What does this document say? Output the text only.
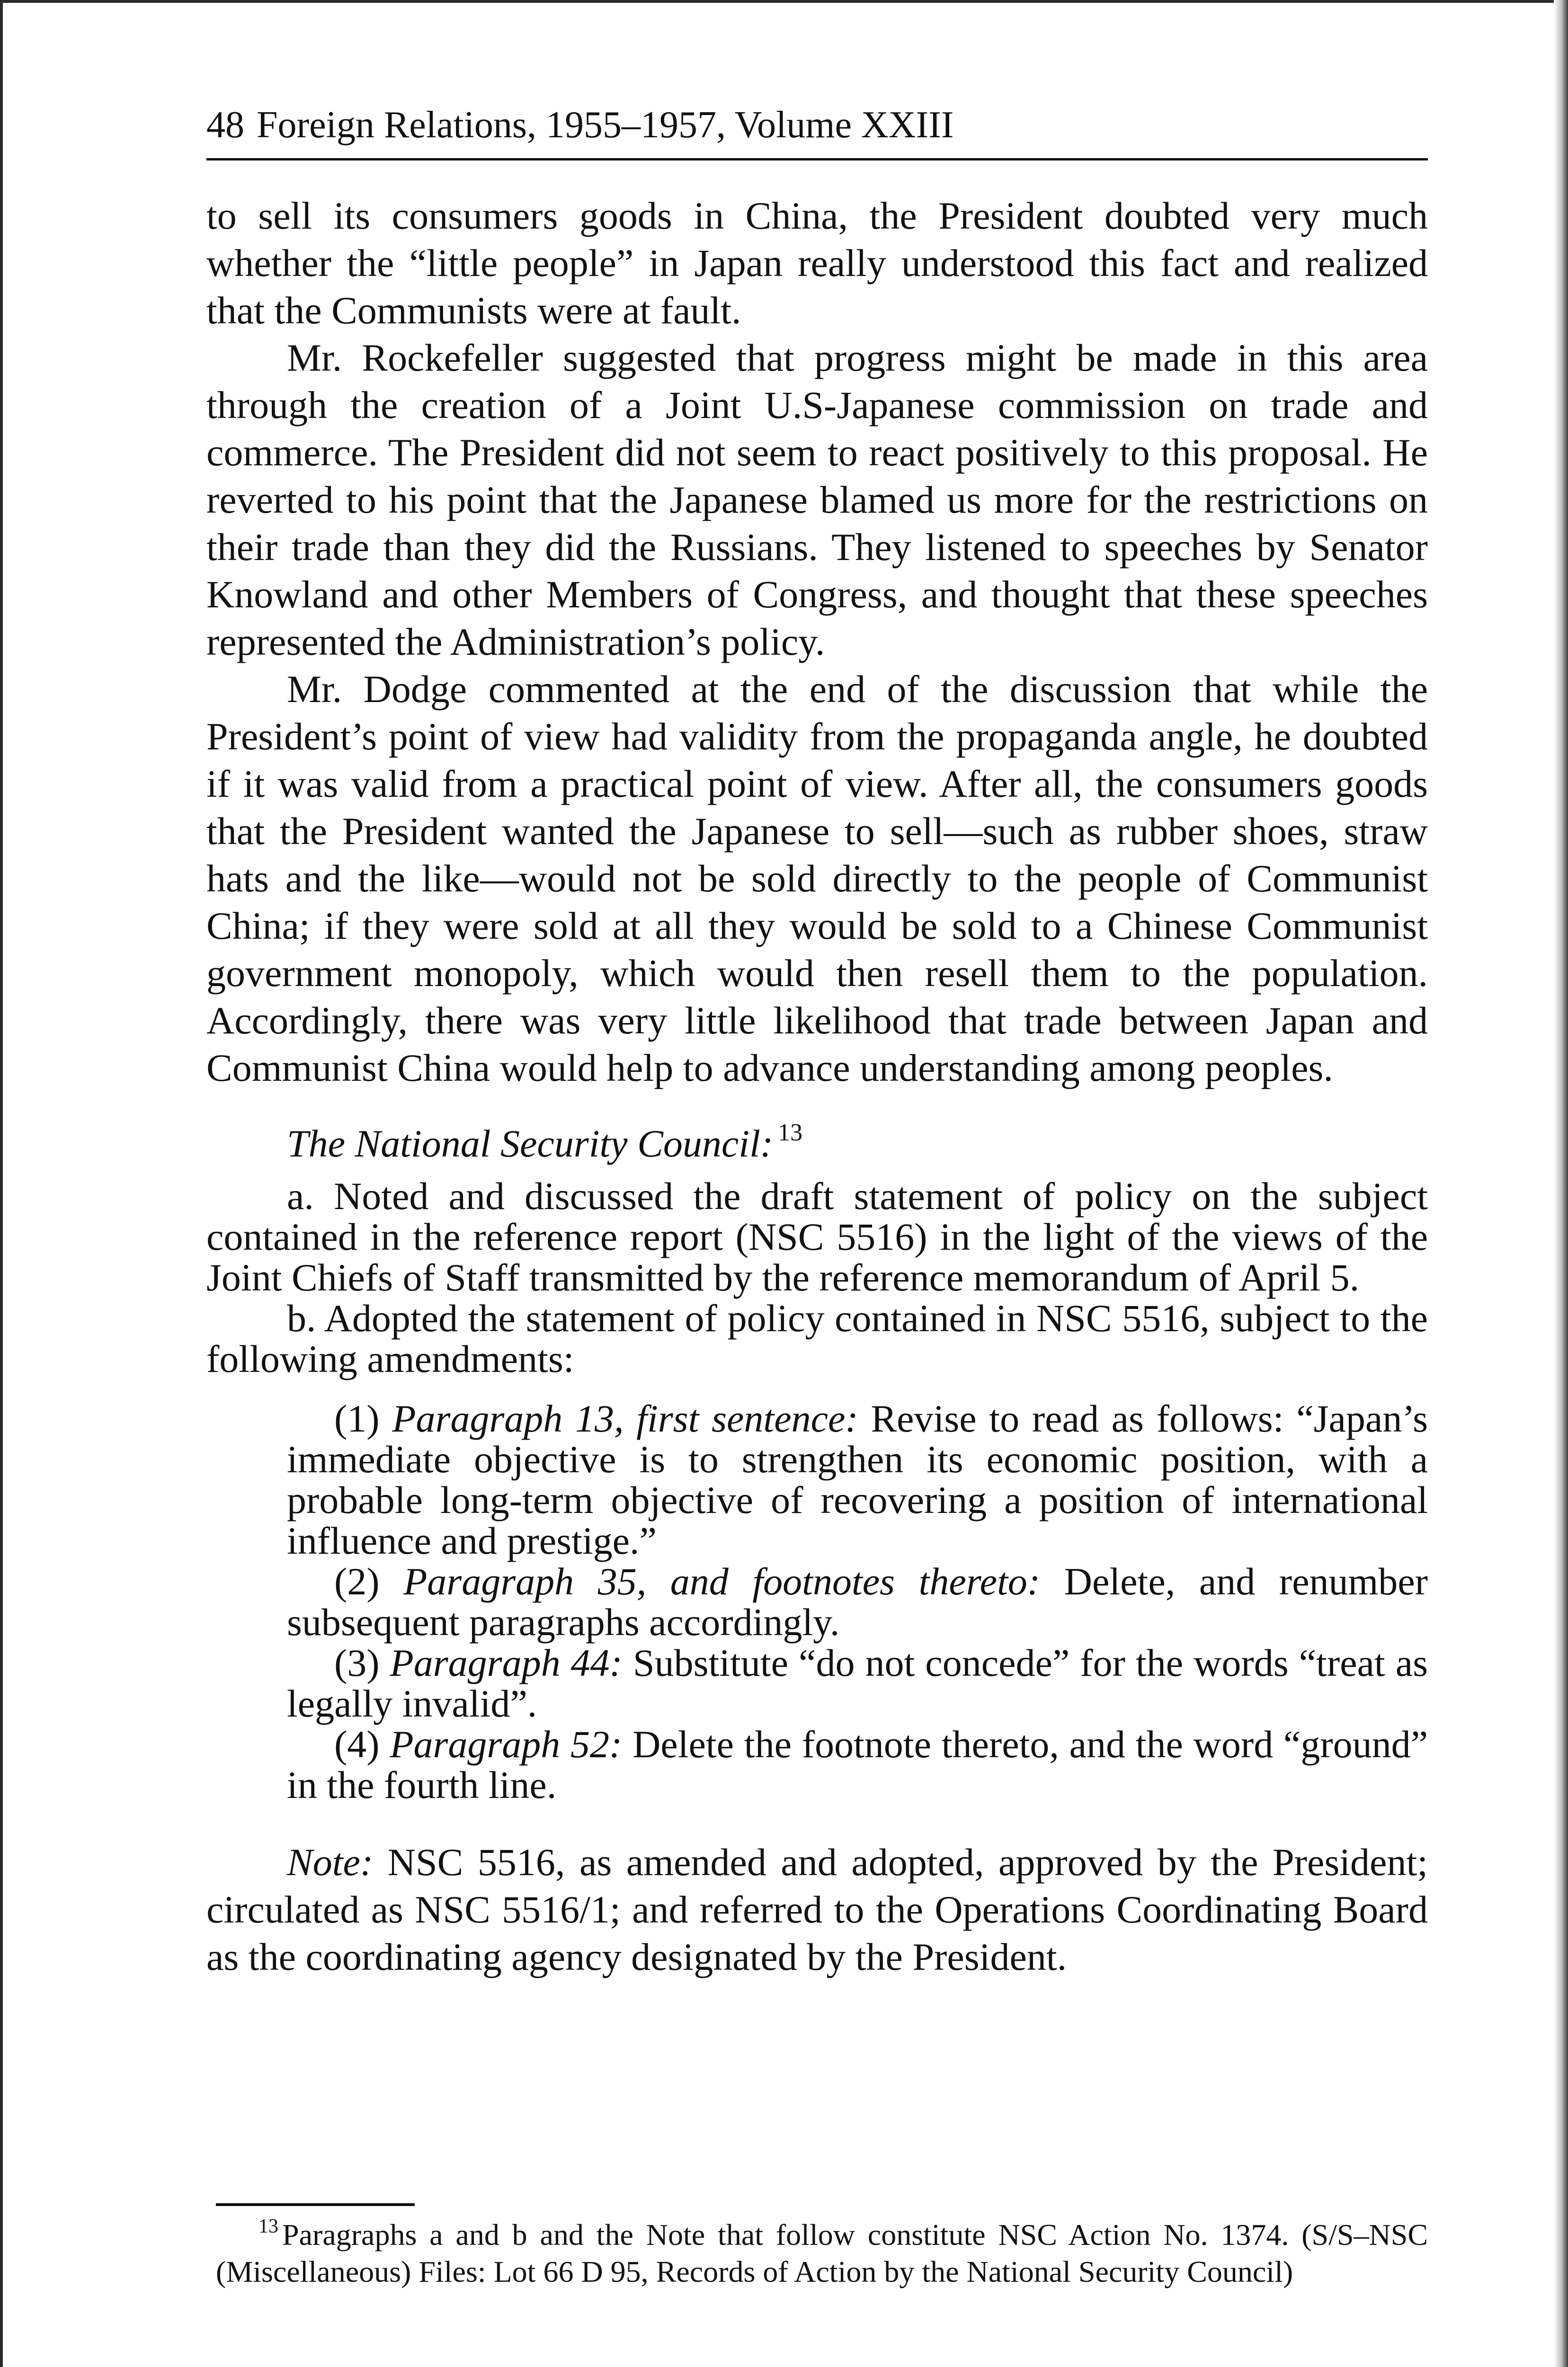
48 Foreign Relations, 1955–1957, Volume XXIII

to sell its consumers goods in China, the President doubted very much whether the “little people” in Japan really understood this fact and realized that the Communists were at fault.

Mr. Rockefeller suggested that progress might be made in this area through the creation of a Joint U.S-Japanese commission on trade and commerce. The President did not seem to react positively to this proposal. He reverted to his point that the Japanese blamed us more for the restrictions on their trade than they did the Russians. They listened to speeches by Senator Knowland and other Members of Congress, and thought that these speeches represented the Administration’s policy.

Mr. Dodge commented at the end of the discussion that while the President’s point of view had validity from the propaganda angle, he doubted if it was valid from a practical point of view. After all, the consumers goods that the President wanted the Japanese to sell—such as rubber shoes, straw hats and the like—would not be sold directly to the people of Communist China; if they were sold at all they would be sold to a Chinese Communist government monopoly, which would then resell them to the population. Accordingly, there was very little likelihood that trade between Japan and Communist China would help to advance understanding among peoples.

The National Security Council: $^{13}$

a. Noted and discussed the draft statement of policy on the subject contained in the reference report (NSC 5516) in the light of the views of the Joint Chiefs of Staff transmitted by the reference memorandum of April 5.

b. Adopted the statement of policy contained in NSC 5516, subject to the following amendments:

(1) Paragraph 13, first sentence: Revise to read as follows: “Japan’s immediate objective is to strengthen its economic position, with a probable long-term objective of recovering a position of international influence and prestige.”

(2) Paragraph 35, and footnotes thereto: Delete, and renumber subsequent paragraphs accordingly.

(3) Paragraph 44: Substitute “do not concede” for the words “treat as legally invalid”.

(4) Paragraph 52: Delete the footnote thereto, and the word “ground” in the fourth line.

Note: NSC 5516, as amended and adopted, approved by the President; circulated as NSC 5516/1; and referred to the Operations Coordinating Board as the coordinating agency designated by the President.

$^{13}$ Paragraphs a and b and the Note that follow constitute NSC Action No. 1374. (S/S–NSC (Miscellaneous) Files: Lot 66 D 95, Records of Action by the National Security Council)
